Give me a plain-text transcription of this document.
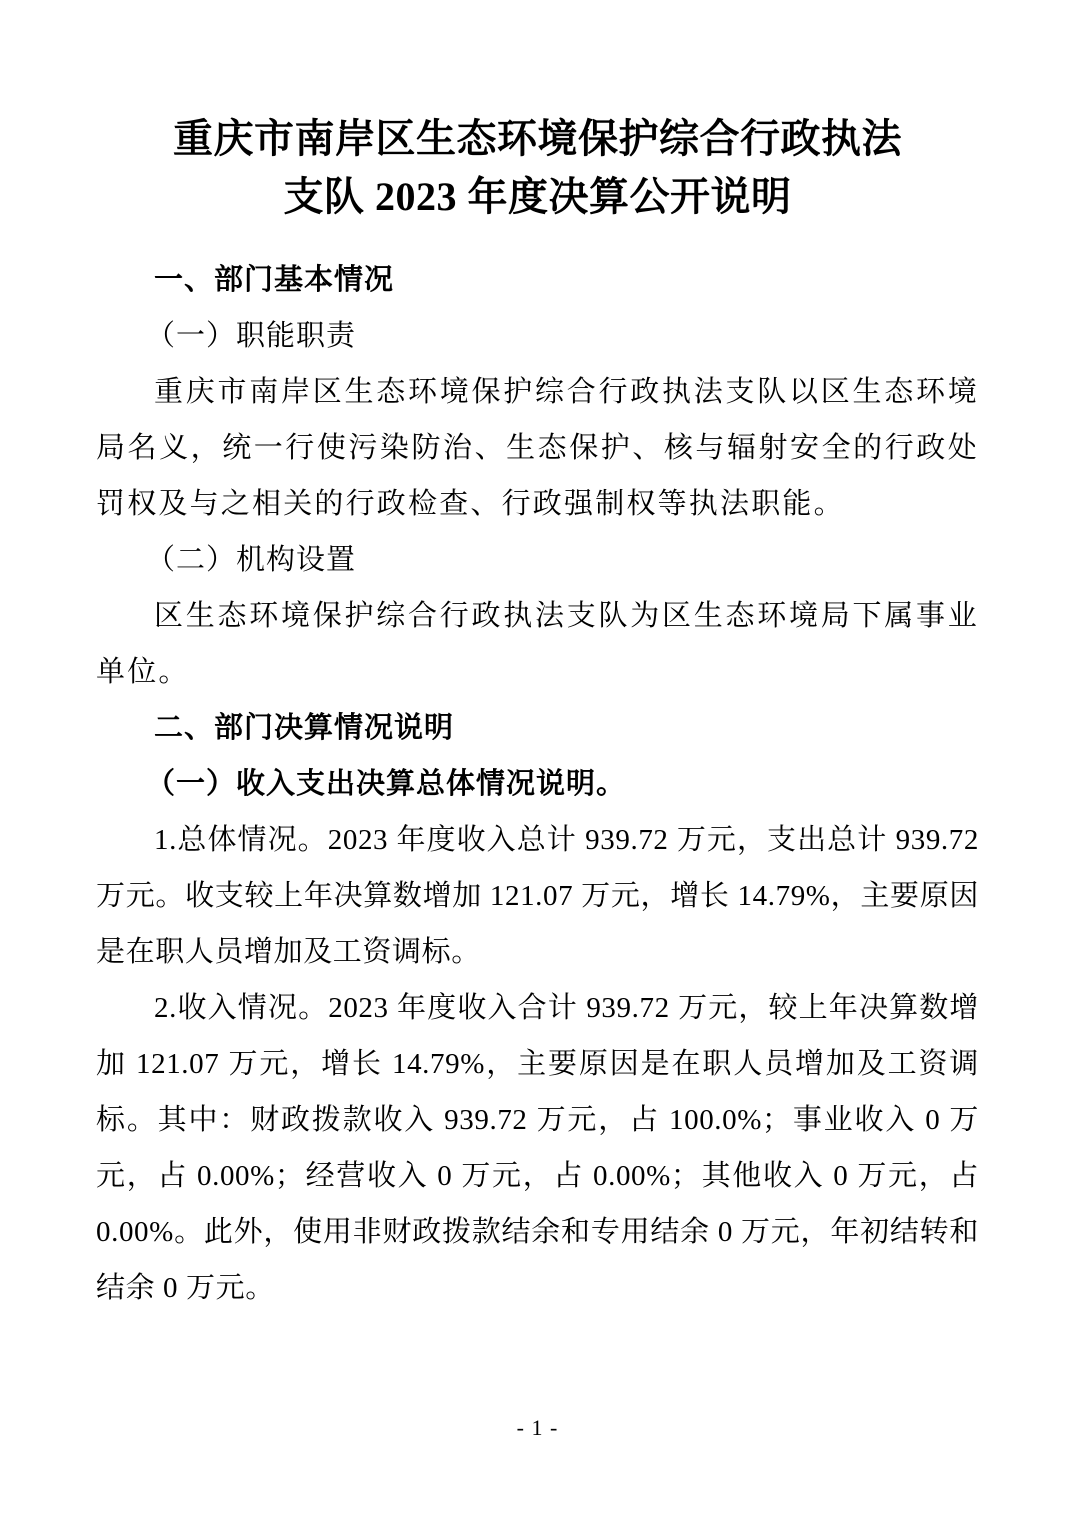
重庆市南岸区生态环境保护综合行政执法
支队 2023 年度决算公开说明

一、部门基本情况

（一）职能职责

重庆市南岸区生态环境保护综合行政执法支队以区生态环境局名义，统一行使污染防治、生态保护、核与辐射安全的行政处罚权及与之相关的行政检查、行政强制权等执法职能。

（二）机构设置

区生态环境保护综合行政执法支队为区生态环境局下属事业单位。

二、部门决算情况说明

（一）收入支出决算总体情况说明。

1.总体情况。2023 年度收入总计 939.72 万元，支出总计 939.72 万元。收支较上年决算数增加 121.07 万元，增长 14.79%，主要原因是在职人员增加及工资调标。

2.收入情况。2023 年度收入合计 939.72 万元，较上年决算数增加 121.07 万元，增长 14.79%，主要原因是在职人员增加及工资调标。其中：财政拨款收入 939.72 万元，占 100.0%；事业收入 0 万元，占 0.00%；经营收入 0 万元，占 0.00%；其他收入 0 万元，占 0.00%。此外，使用非财政拨款结余和专用结余 0 万元，年初结转和结余 0 万元。

- 1 -
